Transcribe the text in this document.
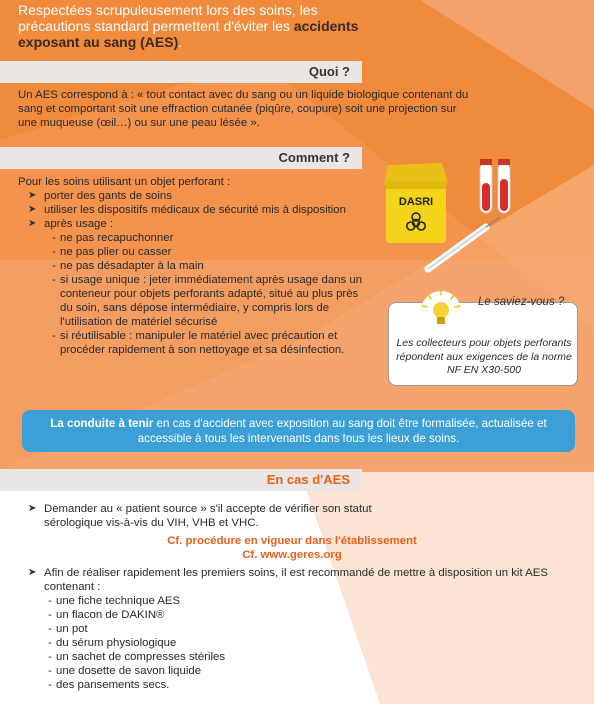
Respectées scrupuleusement lors des soins, les
précautions standard permettent d'éviter les accidents exposant au sang (AES).
Quoi ?
Un AES correspond à : « tout contact avec du sang ou un liquide biologique contenant du sang et comportant soit une effraction cutanée (piqûre, coupure) soit une projection sur une muqueuse (œil…) ou sur une peau lésée ».
Comment ?
Pour les soins utilisant un objet perforant :
➤ porter des gants de soins
➤ utiliser les dispositifs médicaux de sécurité mis à disposition
➤ après usage :
- ne pas recapuchonner
- ne pas plier ou casser
- ne pas désadapter à la main
- si usage unique : jeter immédiatement après usage dans un conteneur pour objets perforants adapté, situé au plus près du soin, sans dépose intermédiaire, y compris lors de l'utilisation de matériel sécurisé
- si réutilisable : manipuler le matériel avec précaution et procéder rapidement à son nettoyage et sa désinfection.
DASRI
Le saviez-vous ?
Les collecteurs pour objets perforants répondent aux exigences de la norme NF EN X30-500
La conduite à tenir en cas d'accident avec exposition au sang doit être formalisée, actualisée et accessible à tous les intervenants dans tous les lieux de soins.
En cas d'AES
➤ Demander au « patient source » s'il accepte de vérifier son statut sérologique vis-à-vis du VIH, VHB et VHC.
Cf. procédure en vigueur dans l'établissement
Cf. www.geres.org
➤ Afin de réaliser rapidement les premiers soins, il est recommandé de mettre à disposition un kit AES contenant :
- une fiche technique AES
- un flacon de DAKIN®
- un pot
- du sérum physiologique
- un sachet de compresses stériles
- une dosette de savon liquide
- des pansements secs.
